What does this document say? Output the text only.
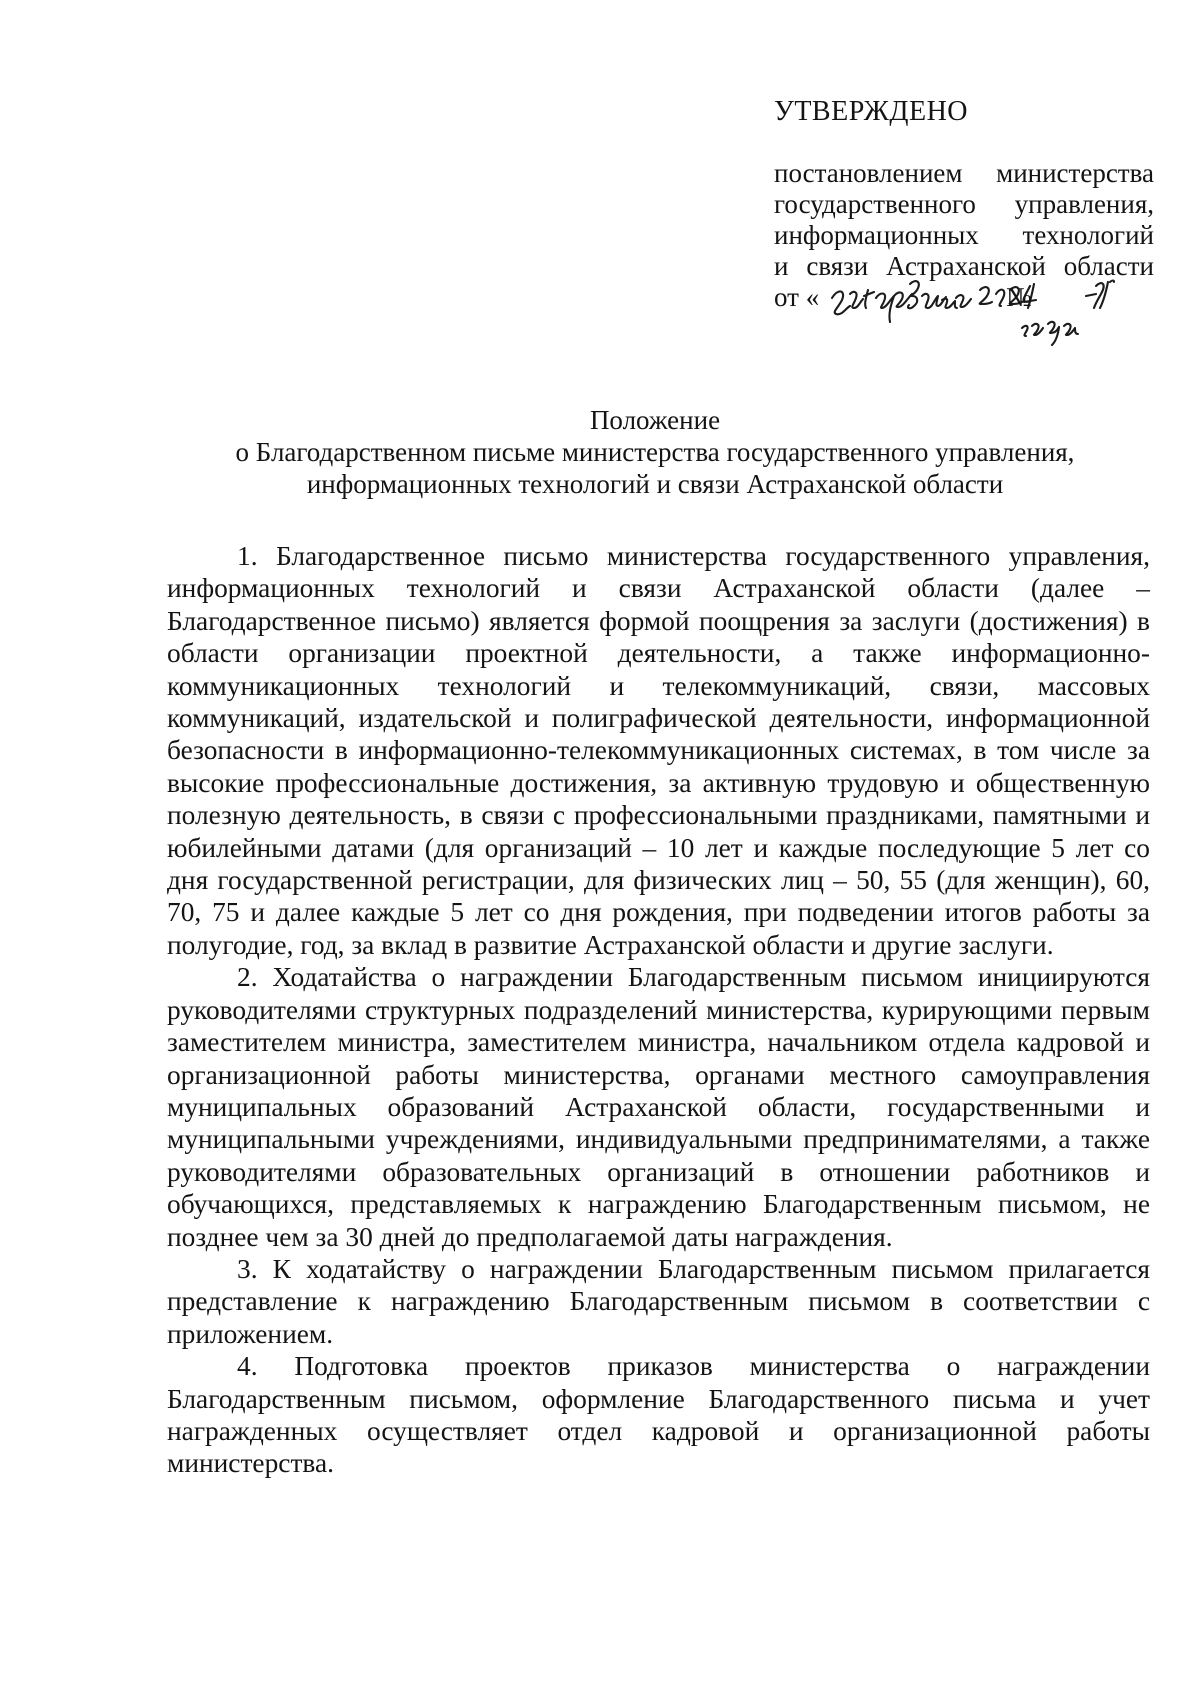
УТВЕРЖДЕНО
постановлением министерства
государственного управления,
информационных технологий
и связи Астраханской области
от «	№
Положение
о Благодарственном письме министерства государственного управления,
информационных технологий и связи Астраханской области

1. Благодарственное письмо министерства государственного управления, информационных технологий и связи Астраханской области (далее – Благодарственное письмо) является формой поощрения за заслуги (достижения) в области организации проектной деятельности, а также информационно-коммуникационных технологий и телекоммуникаций, связи, массовых коммуникаций, издательской и полиграфической деятельности, информационной безопасности в информационно-телекоммуникационных системах, в том числе за высокие профессиональные достижения, за активную трудовую и общественную полезную деятельность, в связи с профессиональными праздниками, памятными и юбилейными датами (для организаций – 10 лет и каждые последующие 5 лет со дня государственной регистрации, для физических лиц – 50, 55 (для женщин), 60, 70, 75 и далее каждые 5 лет со дня рождения, при подведении итогов работы за полугодие, год, за вклад в развитие Астраханской области и другие заслуги.

2. Ходатайства о награждении Благодарственным письмом инициируются руководителями структурных подразделений министерства, курирующими первым заместителем министра, заместителем министра, начальником отдела кадровой и организационной работы министерства, органами местного самоуправления муниципальных образований Астраханской области, государственными и муниципальными учреждениями, индивидуальными предпринимателями, а также руководителями образовательных организаций в отношении работников и обучающихся, представляемых к награждению Благодарственным письмом, не позднее чем за 30 дней до предполагаемой даты награждения.

3. К ходатайству о награждении Благодарственным письмом прилагается представление к награждению Благодарственным письмом в соответствии с приложением.

4. Подготовка проектов приказов министерства о награждении Благодарственным письмом, оформление Благодарственного письма и учет награжденных осуществляет отдел кадровой и организационной работы министерства.
